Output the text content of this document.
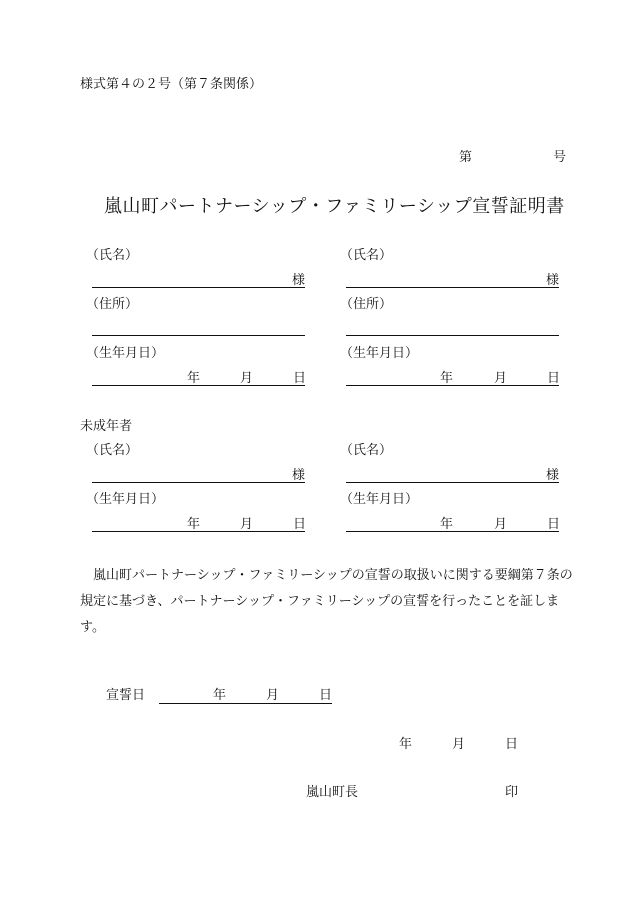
様式第４の２号（第７条関係）
第	号
嵐山町パートナーシップ・ファミリーシップ宣誓証明書
（氏名）
様
（住所）
（生年月日）
年	月	日
（氏名）
様
（住所）
（生年月日）
年	月	日
未成年者
（氏名）
様
（生年月日）
年	月	日
（氏名）
様
（生年月日）
年	月	日

嵐山町パートナーシップ・ファミリーシップの宣誓の取扱いに関する要綱第７条の規定に基づき、パートナーシップ・ファミリーシップの宣誓を行ったことを証します。

宣誓日	年	月	日
年	月	日
嵐山町長	印
